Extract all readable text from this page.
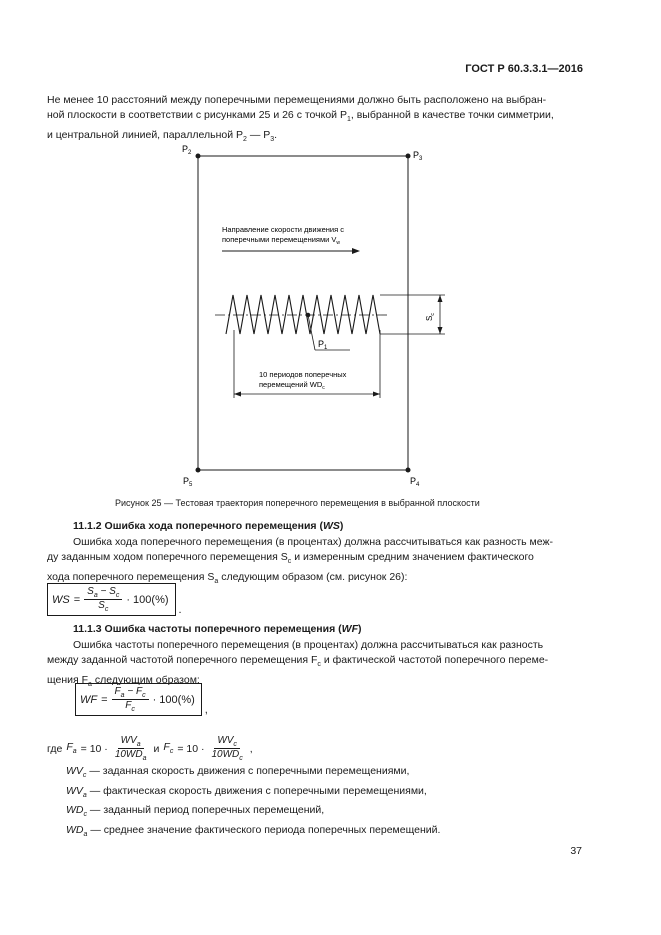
ГОСТ Р 60.3.3.1—2016
Не менее 10 расстояний между поперечными перемещениями должно быть расположено на выбран-
ной плоскости в соответствии с рисунками 25 и 26 с точкой $P_1$, выбранной в качестве точки симметрии,
и центральной линией, параллельной $P_2$ — $P_3$.
$P_2$	$P_3$
$P_5$	$P_4$
Направление скорости движения с
поперечными перемещениями $V_w$
$S_c$
$P_1$
10 периодов поперечных
перемещений $WD_c$
Рисунок 25 — Тестовая траектория поперечного перемещения в выбранной плоскости
11.1.2 Ошибка хода поперечного перемещения (WS)
Ошибка хода поперечного перемещения (в процентах) должна рассчитываться как разность меж-
ду заданным ходом поперечного перемещения $S_c$ и измеренным средним значением фактического
хода поперечного перемещения $S_a$ следующим образом (см. рисунок 26):
WS = $\frac{S_a - S_c}{S_c} \cdot 100(\%)$
.
11.1.3 Ошибка частоты поперечного перемещения (WF)
Ошибка частоты поперечного перемещения (в процентах) должна рассчитываться как разность
между заданной частотой поперечного перемещения $F_c$ и фактической частотой поперечного переме-
щения $F_a$ следующим образом:
WF = $\frac{F_a - F_c}{F_c} \cdot 100(\%)$
,
где $F_a = 10 \cdot \frac{WV_a}{10WD_a}$ и $F_c = 10 \cdot \frac{WV_c}{10WD_c}$ ,
$WV_c$ — заданная скорость движения с поперечными перемещениями,
$WV_a$ — фактическая скорость движения с поперечными перемещениями,
$WD_c$ — заданный период поперечных перемещений,
$WD_a$ — среднее значение фактического периода поперечных перемещений.
37
